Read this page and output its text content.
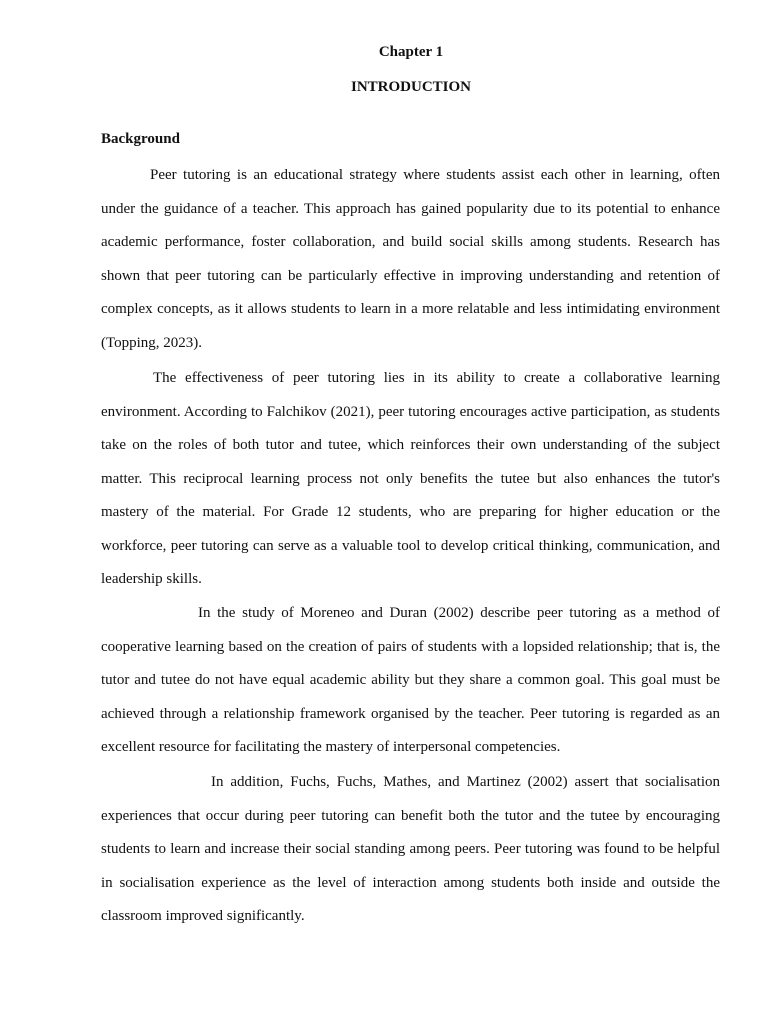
Chapter 1
INTRODUCTION
Background

Peer tutoring is an educational strategy where students assist each other in learning, often under the guidance of a teacher. This approach has gained popularity due to its potential to enhance academic performance, foster collaboration, and build social skills among students. Research has shown that peer tutoring can be particularly effective in improving understanding and retention of complex concepts, as it allows students to learn in a more relatable and less intimidating environment (Topping, 2023).

The effectiveness of peer tutoring lies in its ability to create a collaborative learning environment. According to Falchikov (2021), peer tutoring encourages active participation, as students take on the roles of both tutor and tutee, which reinforces their own understanding of the subject matter. This reciprocal learning process not only benefits the tutee but also enhances the tutor's mastery of the material. For Grade 12 students, who are preparing for higher education or the workforce, peer tutoring can serve as a valuable tool to develop critical thinking, communication, and leadership skills.

In the study of Moreneo and Duran (2002) describe peer tutoring as a method of cooperative learning based on the creation of pairs of students with a lopsided relationship; that is, the tutor and tutee do not have equal academic ability but they share a common goal. This goal must be achieved through a relationship framework organised by the teacher. Peer tutoring is regarded as an excellent resource for facilitating the mastery of interpersonal competencies.

In addition, Fuchs, Fuchs, Mathes, and Martinez (2002) assert that socialisation experiences that occur during peer tutoring can benefit both the tutor and the tutee by encouraging students to learn and increase their social standing among peers. Peer tutoring was found to be helpful in socialisation experience as the level of interaction among students both inside and outside the classroom improved significantly.
